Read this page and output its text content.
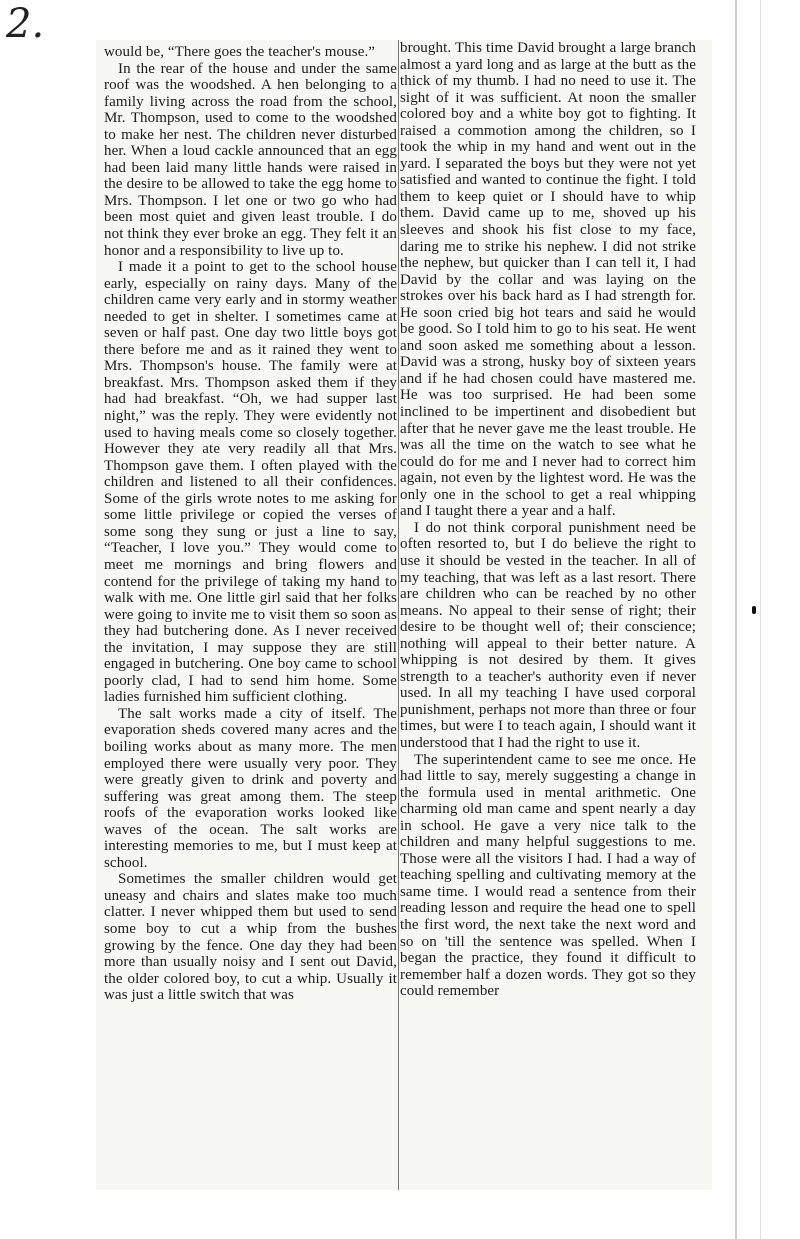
2.

would be, “There goes the teacher's mouse.”

In the rear of the house and under the same roof was the woodshed. A hen belonging to a family living across the road from the school, Mr. Thompson, used to come to the woodshed to make her nest. The children never disturbed her. When a loud cackle announced that an egg had been laid many little hands were raised in the desire to be allowed to take the egg home to Mrs. Thompson. I let one or two go who had been most quiet and given least trouble. I do not think they ever broke an egg. They felt it an honor and a responsibility to live up to.

I made it a point to get to the school house early, especially on rainy days. Many of the children came very early and in stormy weather needed to get in shelter. I sometimes came at seven or half past. One day two little boys got there before me and as it rained they went to Mrs. Thompson's house. The family were at breakfast. Mrs. Thompson asked them if they had had breakfast. “Oh, we had supper last night,” was the reply. They were evidently not used to having meals come so closely together. However they ate very readily all that Mrs. Thompson gave them. I often played with the children and listened to all their confidences. Some of the girls wrote notes to me asking for some little privilege or copied the verses of some song they sung or just a line to say, “Teacher, I love you.” They would come to meet me mornings and bring flowers and contend for the privilege of taking my hand to walk with me. One little girl said that her folks were going to invite me to visit them so soon as they had butchering done. As I never received the invitation, I may suppose they are still engaged in butchering. One boy came to school poorly clad, I had to send him home. Some ladies furnished him sufficient clothing.

The salt works made a city of itself. The evaporation sheds covered many acres and the boiling works about as many more. The men employed there were usually very poor. They were greatly given to drink and poverty and suffering was great among them. The steep roofs of the evaporation works looked like waves of the ocean. The salt works are interesting memories to me, but I must keep at school.

Sometimes the smaller children would get uneasy and chairs and slates make too much clatter. I never whipped them but used to send some boy to cut a whip from the bushes growing by the fence. One day they had been more than usually noisy and I sent out David, the older colored boy, to cut a whip. Usually it was just a little switch that was

brought. This time David brought a large branch almost a yard long and as large at the butt as the thick of my thumb. I had no need to use it. The sight of it was sufficient. At noon the smaller colored boy and a white boy got to fighting. It raised a commotion among the children, so I took the whip in my hand and went out in the yard. I separated the boys but they were not yet satisfied and wanted to continue the fight. I told them to keep quiet or I should have to whip them. David came up to me, shoved up his sleeves and shook his fist close to my face, daring me to strike his nephew. I did not strike the nephew, but quicker than I can tell it, I had David by the collar and was laying on the strokes over his back hard as I had strength for. He soon cried big hot tears and said he would be good. So I told him to go to his seat. He went and soon asked me something about a lesson. David was a strong, husky boy of sixteen years and if he had chosen could have mastered me. He was too surprised. He had been some inclined to be impertinent and disobedient but after that he never gave me the least trouble. He was all the time on the watch to see what he could do for me and I never had to correct him again, not even by the lightest word. He was the only one in the school to get a real whipping and I taught there a year and a half.

I do not think corporal punishment need be often resorted to, but I do believe the right to use it should be vested in the teacher. In all of my teaching, that was left as a last resort. There are children who can be reached by no other means. No appeal to their sense of right; their desire to be thought well of; their conscience; nothing will appeal to their better nature. A whipping is not desired by them. It gives strength to a teacher's authority even if never used. In all my teaching I have used corporal punishment, perhaps not more than three or four times, but were I to teach again, I should want it understood that I had the right to use it.

The superintendent came to see me once. He had little to say, merely suggesting a change in the formula used in mental arithmetic. One charming old man came and spent nearly a day in school. He gave a very nice talk to the children and many helpful suggestions to me. Those were all the visitors I had. I had a way of teaching spelling and cultivating memory at the same time. I would read a sentence from their reading lesson and require the head one to spell the first word, the next take the next word and so on 'till the sentence was spelled. When I began the practice, they found it difficult to remember half a dozen words. They got so they could remember
